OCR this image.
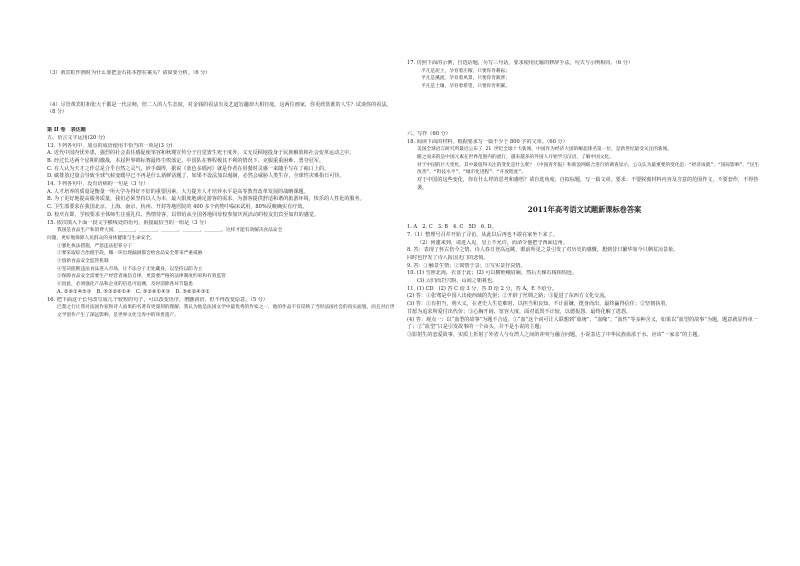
（3）黄宾虹作画时为什么要把金石拓本摆在案头？请简要分析。（6 分）
（4）尽管黄宾虹和张大千都是一代宗师，但二人的人生态度，对金钱的看法有及艺道旨趣却大相径庭。这两位画家，你更欣赏谁的人生？试谈你的看法。（8 分）
第 II 卷　表达题
五、语言文字运用(20 分)
13. 下列各句中，加点的成语使用不恰当的一项是(3 分)
A. 近代中国内忧外患，强烈的社会责任感促使邹容和秋瑾宣传分子自觉置生死于度外，义无反顾地投身于民族解放和社会变革运动之中。
B. 经过长达两个星期的激战，本届世界锦标赛最终尘埃落定，中国队在赛程极其不利的情况下，克服重重困难，勇夺冠军。
C. 有人认为天才之作总是合乎自然之灵气，妙手偶得，据说《蓝色多瑙河》就是作者在用餐时灵感一来随手写在了袖口上的。
D. 碳排放过量会导致全球气候变暖早已不再是什么新鲜话题了，如果不设法加以遏制，必然会威胁人类生存，全球性灾难指日可待。
14. 下列各句中，没有语病的一句是（3 分）
A. 人才培养的质量是衡量一所大学办得好不好的重要因素，大力提升人才培养水平是高等教育改革发展的战略课题。
B. 为了更好地提高服务质量，我们必须坚持以人为本，最大限度地满足游客的需求，为游客提供舒适和谐的旅游环境，快乐的人性化的服务。
C. 卫生部要求在我国北京、上海、南京、杭州、开封等地医院的 400 多个药物中临床试用，80%反映确实有疗效。
D. 校庆在即，学校要求全体师生注重礼仪、热情待客，以带给从全国各地回母校参加庆祝活动的校友们宾至如归的感觉。
15. 依次填入下面一段文字横线处的语句，衔接最恰当的一组是（3 分）
我国是食品生产和消费大国，______，______，______，______，______，这样才能有效解决食品安全
问题，更好地保障人民群众的身体健康与生命安全。
①强化执法措施，严惩违法犯罪分子
②要采取综合治理手段，哪一环出现漏洞都会给食品安全带来严重威胁
③创新食品安全监管机制
④坚决阻断违法食品进入市场，让不法分子无处藏身，以坚持以防为主
⑤保障食品安全需要生产经营者诚信自律，更需要严格的法律制度约束和有效监管
⑥因此，必须强化产品和企业的信息可追溯，及时消除各环节隐患
A. ②⑥①④⑤③　B. ⑤③②⑥①④　C. ⑤②⑥①④③　D. ⑤⑥②④③①
16. 把下面这个长句改写成几个较短的句子，可以改变语序，增删词语，但不得改变原意。（5 分）
巴黎之行让我对法国作家和诗人雨果的名著有更深刻的理解。我认为他是法国文学中最优秀的作家之一，他的作品不仅反映了当时法国社会的真实面貌，而且对后世文学创作产生了深远影响，是世界文化宝库中的珍贵遗产。
17. 仿照下面的示例，自选话题，另写三句话，要求使用比喻的修辞手法，句式与示例相同。（6 分）
平凡是泥土，孕育着庄稼，只要你肯耕耘；
平凡是溪流，孕育着风景，只要你肯跋涉；
平凡是土壤，孕育着希望，只要你肯积累。
六、写作（60 分）
18. 阅读下面的材料，根据要求写一篇不少于 800 字的文章。（60 分）
美国全球语言研究所最近公布了 21 世纪全球十大新闻，中国作为经济大国的崛起排名第一位，是新世纪最受关注的新闻。
随之而来的是中国元素在世界范围内的流行，越来越多的外国人开始学习汉语，了解中国文化。
对于中国的巨大变化，其中最值得关注的变化是什么呢？《中国青年报》和新浪网联合进行的调查显示，公众认为最重要的变化是：“经济成就”、“国际影响”、“民生改善”、“科技水平”、“城市化进程”、“开放程度”。
对于中国的这些变化，你有什么样的思考和感悟？请自选角度，自拟标题，写一篇文章。要求：不要脱离材料内容及含意的范围作文，不要套作，不得抄袭。
2011年高考语文试题新课标卷答案
1. A　2. C　3. B　4. C　5D　6. D。
7.（1）整理号召并开始了寻访，从此以后再也不敢在家坐下来了。
（2）何遽来到，请进入见，皇上不允许，而命令他把守西面边角。
8. 答：表现了怀古伤今之情。诗人春日登高远眺，眼前所见之景引发了对历史的感慨，想到昔日繁华如今只剩荒凉景象。
同时也抒发了诗人报国无门的悲愤。
9. 答：①触景生情；②寓情于景；③写实景抒哀情。
10. (1) 雪照北海，衣食于此；(2) 可以横绝峨眉巅，然后天梯石栈相钩连。
(3) 云归而岩穴暝，山间之朝暮也。
11. (1) CD　(2) 答 C 给 3 分，答 D 给 2 分，答 A、E 不给分。
(2) 答：①张骞是中国人出使西域的先驱；②开辟了丝绸之路；③促进了东西方文化交流。
(3) 答：①有担当，明大义，在老史人生危难时，以担当和良知，不计前嫌，挺身而出，最终赢得信任；②坚韧执着，
甘愿为追求所爱付出代价；③心胸开阔，宽容大度，面对诋毁不计较，以德报怨，最终化解了恩怨。
(4) 答：观点一：以“血型的故事”为题不合适。①“血”这个词可让人联想到“血统”、“血缘”、“血性”等多种含义，如果以“血型的故事”为题，题意就显得单一了；②“血型”只是引发故事的一个由头，并不是小说的主题；
③影射生的恋爱故事，实质上折射了外省人与台湾人之间的冲突与融合问题，小说表达了中华民族血浓于水、应该“一家亲”的主题。
